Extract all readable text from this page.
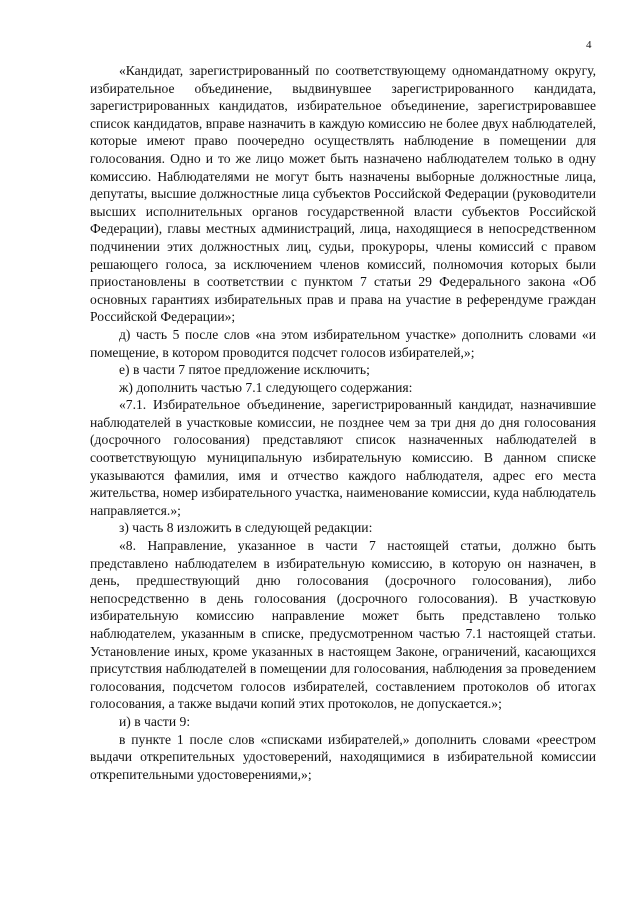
4

«Кандидат, зарегистрированный по соответствующему одномандатному округу, избирательное объединение, выдвинувшее зарегистрированного кандидата, зарегистрированных кандидатов, избирательное объединение, зарегистрировавшее список кандидатов, вправе назначить в каждую комиссию не более двух наблюдателей, которые имеют право поочередно осуществлять наблюдение в помещении для голосования. Одно и то же лицо может быть назначено наблюдателем только в одну комиссию. Наблюдателями не могут быть назначены выборные должностные лица, депутаты, высшие должностные лица субъектов Российской Федерации (руководители высших исполнительных органов государственной власти субъектов Российской Федерации), главы местных администраций, лица, находящиеся в непосредственном подчинении этих должностных лиц, судьи, прокуроры, члены комиссий с правом решающего голоса, за исключением членов комиссий, полномочия которых были приостановлены в соответствии с пунктом 7 статьи 29 Федерального закона «Об основных гарантиях избирательных прав и права на участие в референдуме граждан Российской Федерации»;

д) часть 5 после слов «на этом избирательном участке» дополнить словами «и помещение, в котором проводится подсчет голосов избирателей,»;

е) в части 7 пятое предложение исключить;

ж) дополнить частью 7.1 следующего содержания:

«7.1. Избирательное объединение, зарегистрированный кандидат, назначившие наблюдателей в участковые комиссии, не позднее чем за три дня до дня голосования (досрочного голосования) представляют список назначенных наблюдателей в соответствующую муниципальную избирательную комиссию. В данном списке указываются фамилия, имя и отчество каждого наблюдателя, адрес его места жительства, номер избирательного участка, наименование комиссии, куда наблюдатель направляется.»;

з) часть 8 изложить в следующей редакции:

«8. Направление, указанное в части 7 настоящей статьи, должно быть представлено наблюдателем в избирательную комиссию, в которую он назначен, в день, предшествующий дню голосования (досрочного голосования), либо непосредственно в день голосования (досрочного голосования). В участковую избирательную комиссию направление может быть представлено только наблюдателем, указанным в списке, предусмотренном частью 7.1 настоящей статьи. Установление иных, кроме указанных в настоящем Законе, ограничений, касающихся присутствия наблюдателей в помещении для голосования, наблюдения за проведением голосования, подсчетом голосов избирателей, составлением протоколов об итогах голосования, а также выдачи копий этих протоколов, не допускается.»;

и) в части 9:

в пункте 1 после слов «списками избирателей,» дополнить словами «реестром выдачи открепительных удостоверений, находящимися в избирательной комиссии открепительными удостоверениями,»;
